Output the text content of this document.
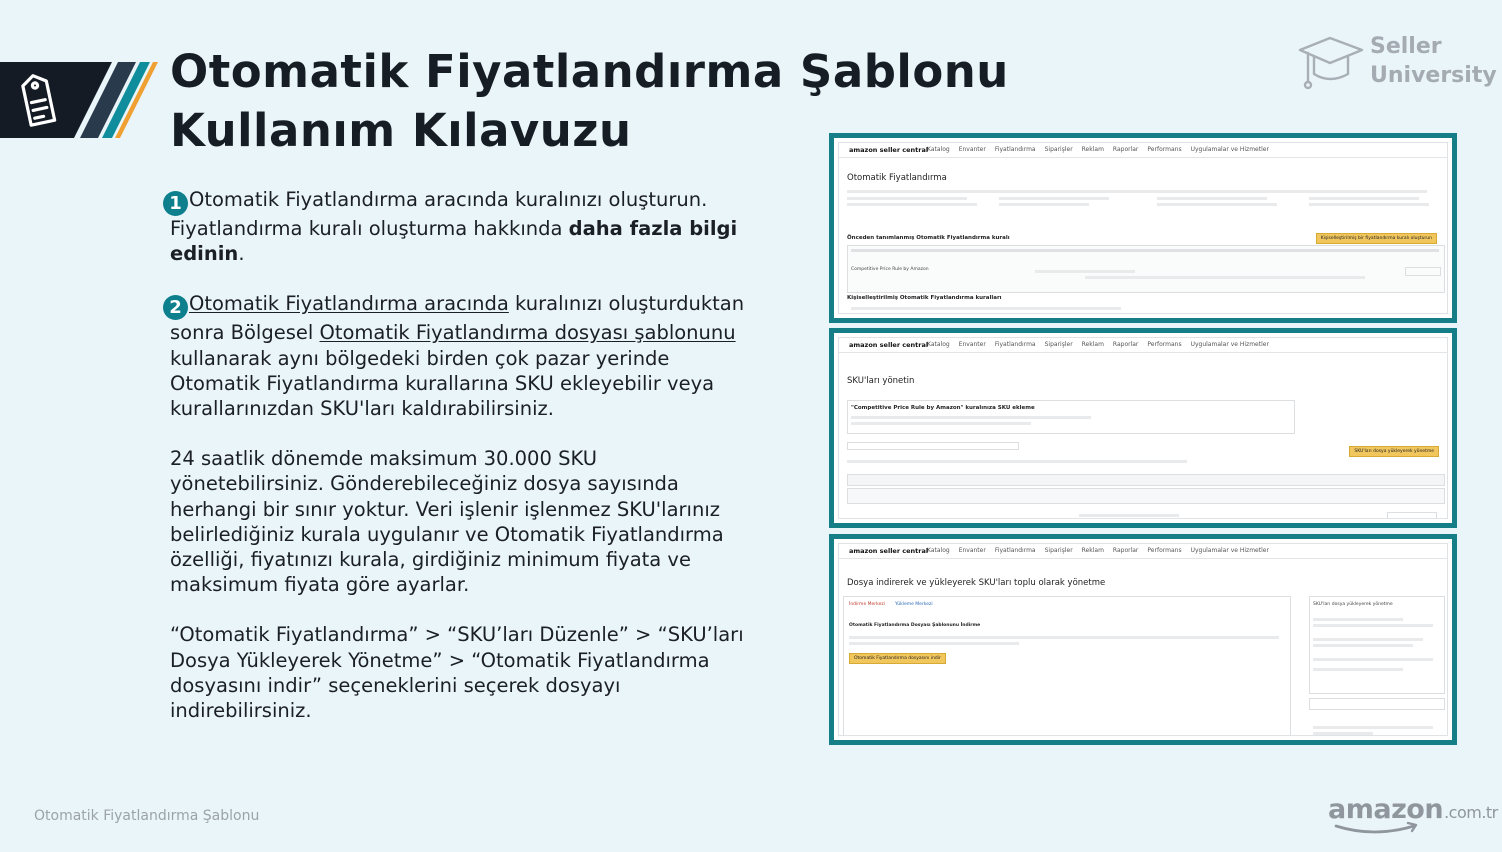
Otomatik Fiyatlandırma Şablonu
Kullanım Kılavuzu
Seller
University

1 Otomatik Fiyatlandırma aracında kuralınızı oluşturun. Fiyatlandırma kuralı oluşturma hakkında daha fazla bilgi edinin.

2 Otomatik Fiyatlandırma aracında kuralınızı oluşturduktan sonra Bölgesel Otomatik Fiyatlandırma dosyası şablonunu kullanarak aynı bölgedeki birden çok pazar yerinde Otomatik Fiyatlandırma kurallarına SKU ekleyebilir veya kurallarınızdan SKU'ları kaldırabilirsiniz.

24 saatlik dönemde maksimum 30.000 SKU yönetebilirsiniz. Gönderebileceğiniz dosya sayısında herhangi bir sınır yoktur. Veri işlenir işlenmez SKU'larınız belirlediğiniz kurala uygulanır ve Otomatik Fiyatlandırma özelliği, fiyatınızı kurala, girdiğiniz minimum fiyata ve maksimum fiyata göre ayarlar.

“Otomatik Fiyatlandırma” > “SKU’ları Düzenle” > “SKU’ları Dosya Yükleyerek Yönetme” > “Otomatik Fiyatlandırma dosyasını indir” seçeneklerini seçerek dosyayı indirebilirsiniz.

amazon seller central
Katalog Envanter Fiyatlandırma Siparişler Reklam Raporlar Performans Uygulamalar ve Hizmetler
Otomatik Fiyatlandırma
Önceden tanımlanmış Otomatik Fiyatlandırma kuralı	Kişiselleştirilmiş bir fiyatlandırma kuralı oluşturun
Competitive Price Rule by Amazon
Kişiselleştirilmiş Otomatik Fiyatlandırma kuralları
amazon seller central
Katalog Envanter Fiyatlandırma Siparişler Reklam Raporlar Performans Uygulamalar ve Hizmetler
SKU'ları yönetin
"Competitive Price Rule by Amazon" kuralınıza SKU ekleme
SKU'ları dosya yükleyerek yönetme
amazon seller central
Katalog Envanter Fiyatlandırma Siparişler Reklam Raporlar Performans Uygulamalar ve Hizmetler
Dosya indirerek ve yükleyerek SKU'ları toplu olarak yönetme
İndirme Merkezi Yükleme Merkezi
Otomatik Fiyatlandırma Dosyası Şablonunu İndirme
Otomatik Fiyatlandırma dosyasını indir
SKU'ları dosya yükleyerek yönetme
Otomatik Fiyatlandırma Şablonu	amazon.com.tr
